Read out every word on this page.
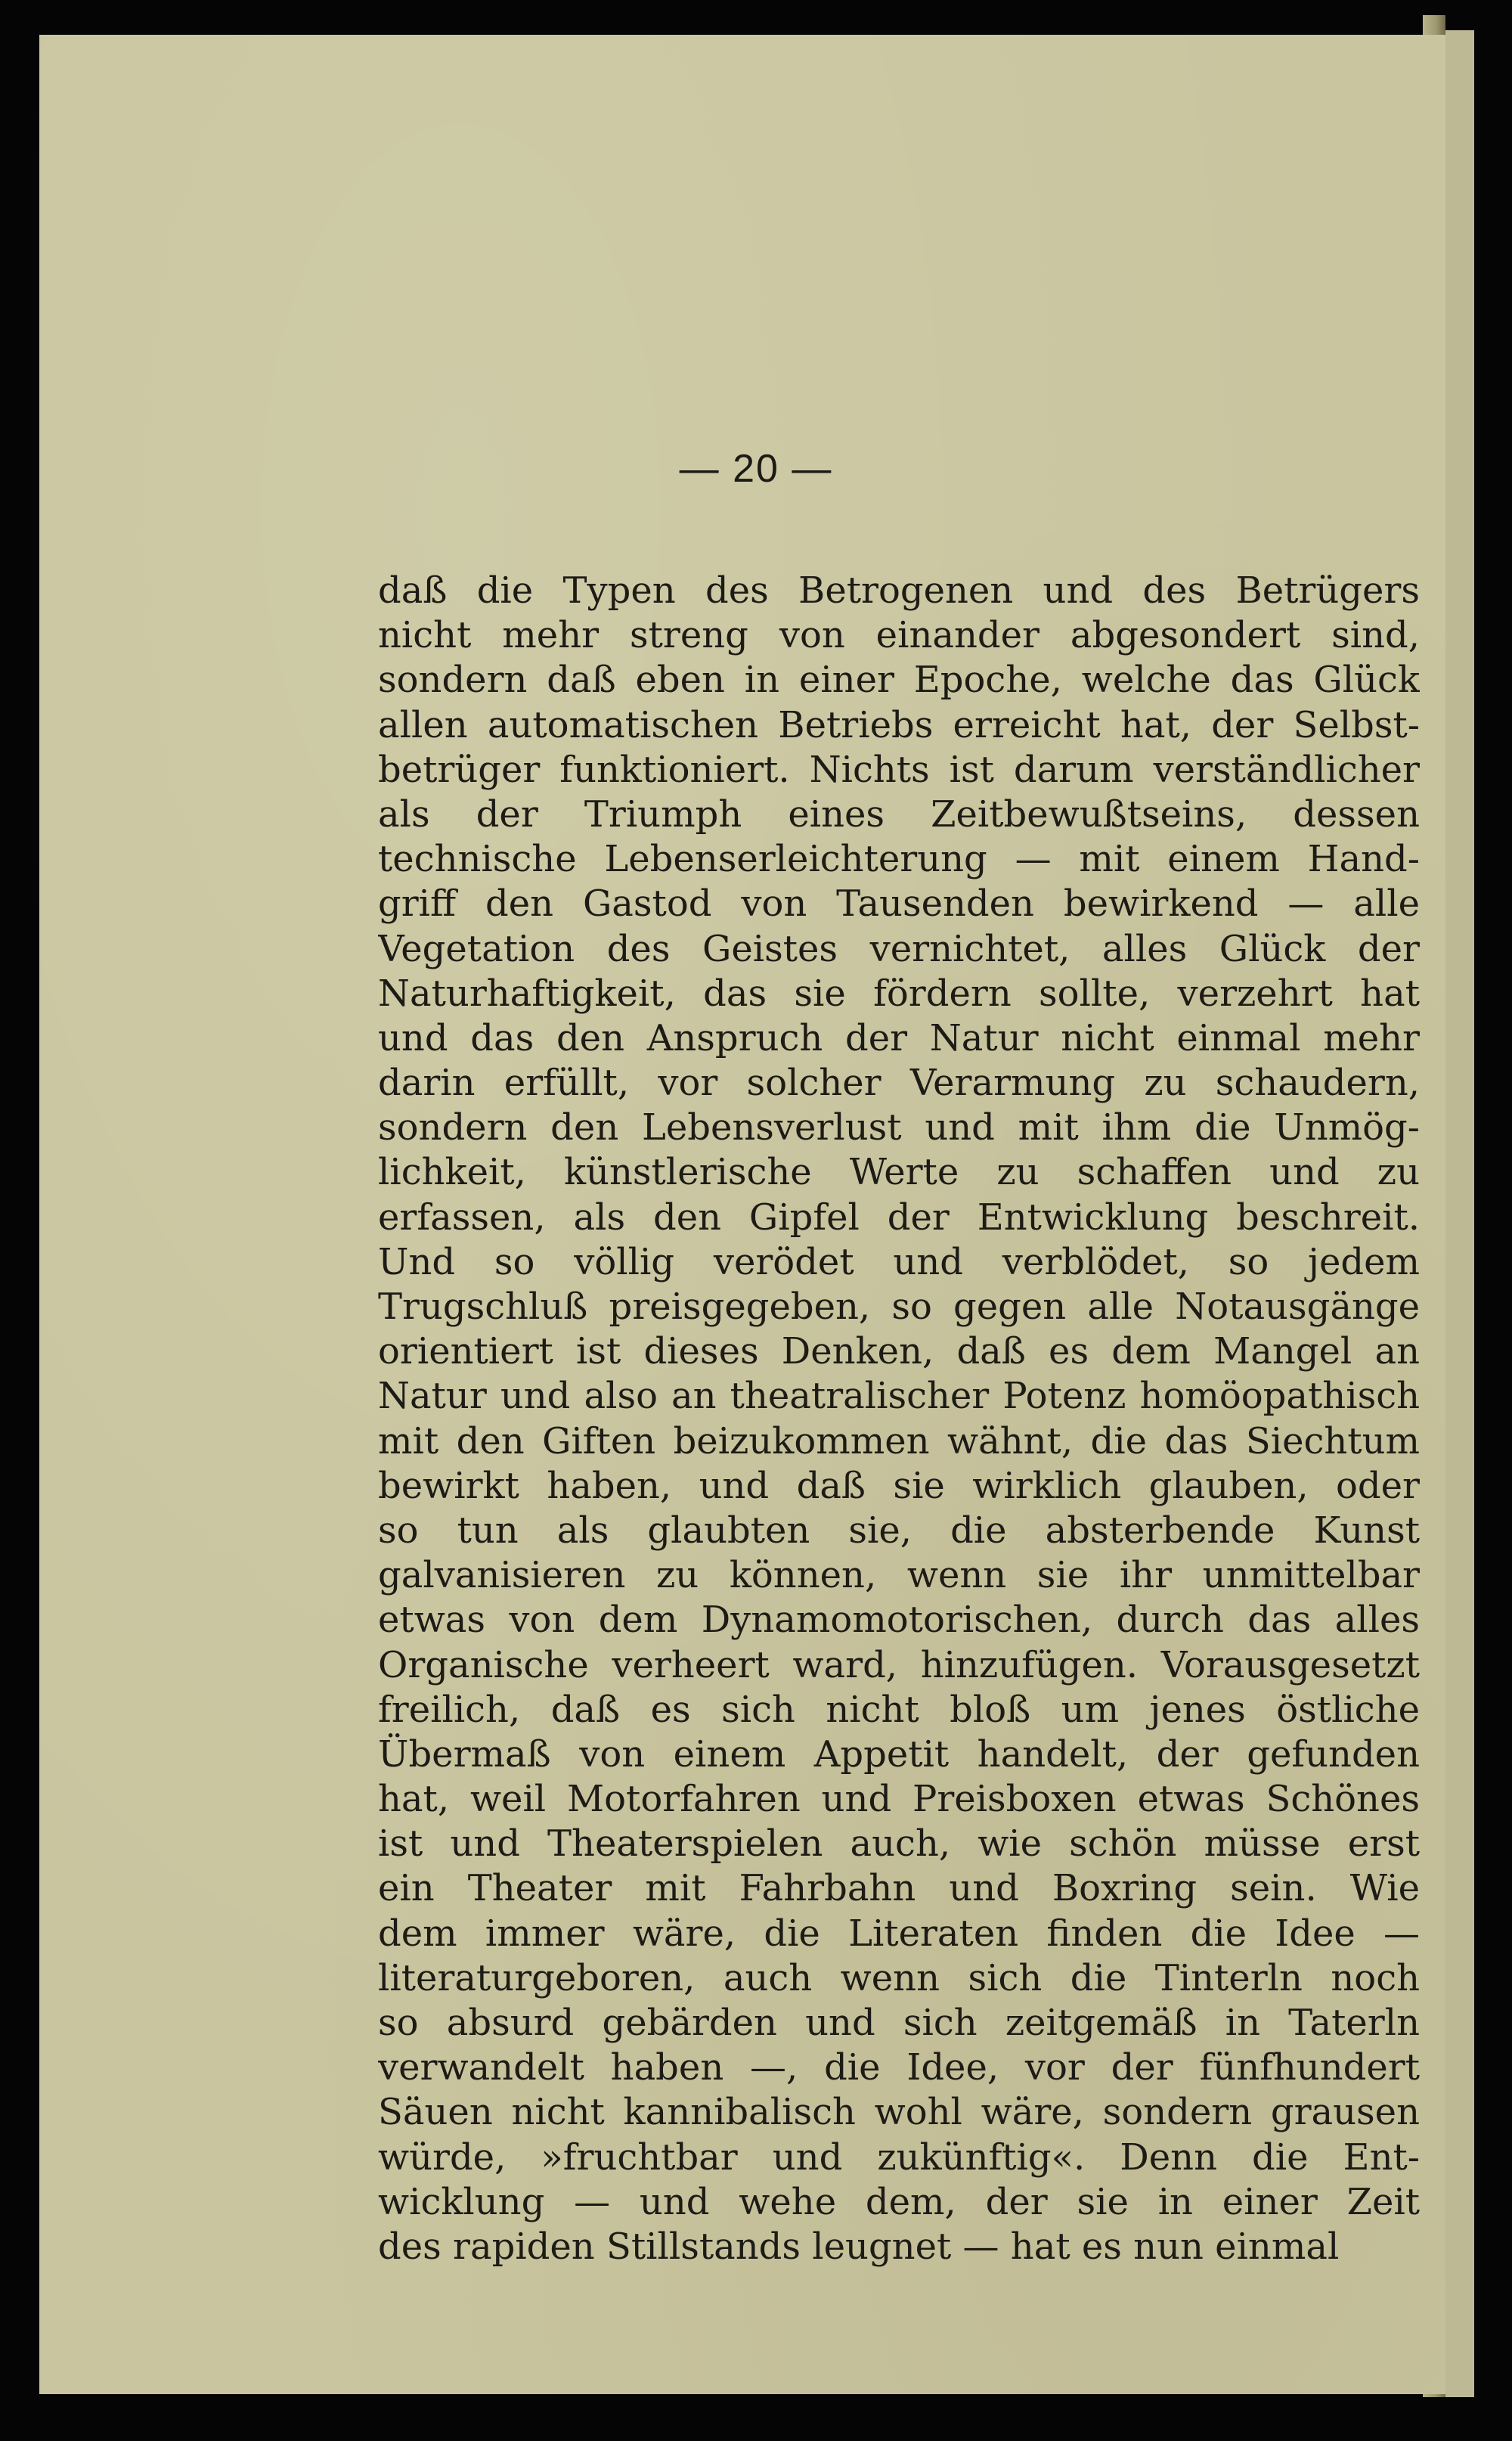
— 20 —
daß die Typen des Betrogenen und des Betrügers
nicht mehr streng von einander abgesondert sind,
sondern daß eben in einer Epoche, welche das Glück
allen automatischen Betriebs erreicht hat, der Selbst-
betrüger funktioniert. Nichts ist darum verständlicher
als der Triumph eines Zeitbewußtseins, dessen
technische Lebenserleichterung — mit einem Hand-
griff den Gastod von Tausenden bewirkend — alle
Vegetation des Geistes vernichtet, alles Glück der
Naturhaftigkeit, das sie fördern sollte, verzehrt hat
und das den Anspruch der Natur nicht einmal mehr
darin erfüllt, vor solcher Verarmung zu schaudern,
sondern den Lebensverlust und mit ihm die Unmög-
lichkeit, künstlerische Werte zu schaffen und zu
erfassen, als den Gipfel der Entwicklung beschreit.
Und so völlig verödet und verblödet, so jedem
Trugschluß preisgegeben, so gegen alle Notausgänge
orientiert ist dieses Denken, daß es dem Mangel an
Natur und also an theatralischer Potenz homöopathisch
mit den Giften beizukommen wähnt, die das Siechtum
bewirkt haben, und daß sie wirklich glauben, oder
so tun als glaubten sie, die absterbende Kunst
galvanisieren zu können, wenn sie ihr unmittelbar
etwas von dem Dynamomotorischen, durch das alles
Organische verheert ward, hinzufügen. Vorausgesetzt
freilich, daß es sich nicht bloß um jenes östliche
Übermaß von einem Appetit handelt, der gefunden
hat, weil Motorfahren und Preisboxen etwas Schönes
ist und Theaterspielen auch, wie schön müsse erst
ein Theater mit Fahrbahn und Boxring sein. Wie
dem immer wäre, die Literaten finden die Idee —
literaturgeboren, auch wenn sich die Tinterln noch
so absurd gebärden und sich zeitgemäß in Taterln
verwandelt haben —, die Idee, vor der fünfhundert
Säuen nicht kannibalisch wohl wäre, sondern grausen
würde, »fruchtbar und zukünftig«. Denn die Ent-
wicklung — und wehe dem, der sie in einer Zeit
des rapiden Stillstands leugnet — hat es nun einmal
